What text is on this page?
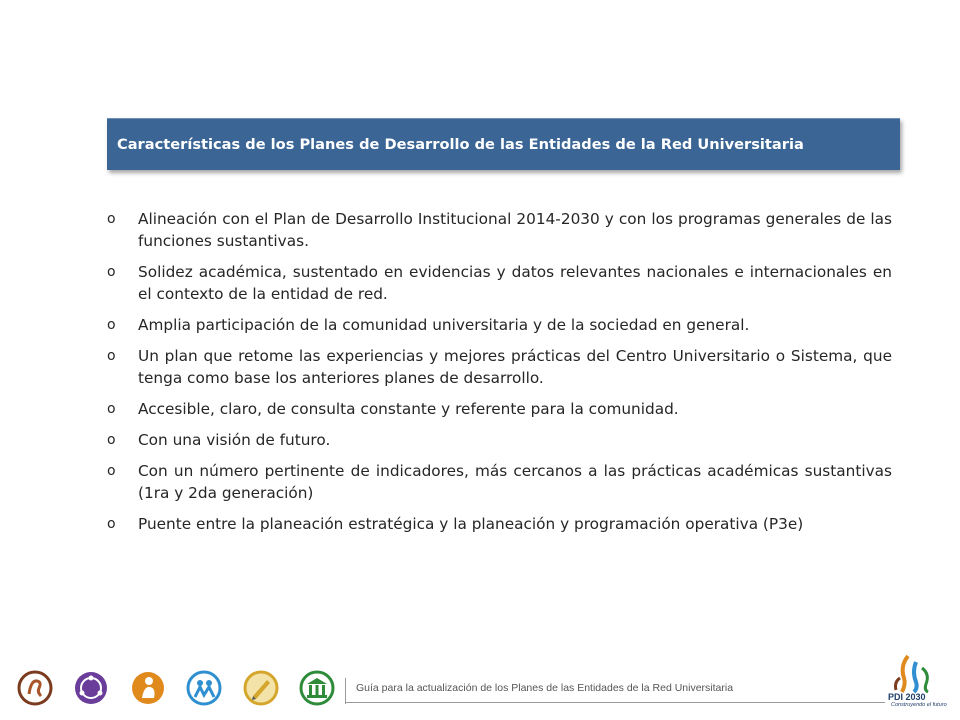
Características de los Planes de Desarrollo de las Entidades de la Red Universitaria
o Alineación con el Plan de Desarrollo Institucional 2014-2030 y con los programas generales de las funciones sustantivas.
o Solidez académica, sustentado en evidencias y datos relevantes nacionales e internacionales en el contexto de la entidad de red.
o Amplia participación de la comunidad universitaria y de la sociedad en general.
o Un plan que retome las experiencias y mejores prácticas del Centro Universitario o Sistema, que tenga como base los anteriores planes de desarrollo.
o Accesible, claro, de consulta constante y referente para la comunidad.
o Con una visión de futuro.
o Con un número pertinente de indicadores, más cercanos a las prácticas académicas sustantivas (1ra y 2da generación)
o Puente entre la planeación estratégica y la planeación y programación operativa (P3e)
Guía para la actualización de los Planes de las Entidades de la Red Universitaria
PDI 2030
Construyendo el futuro
